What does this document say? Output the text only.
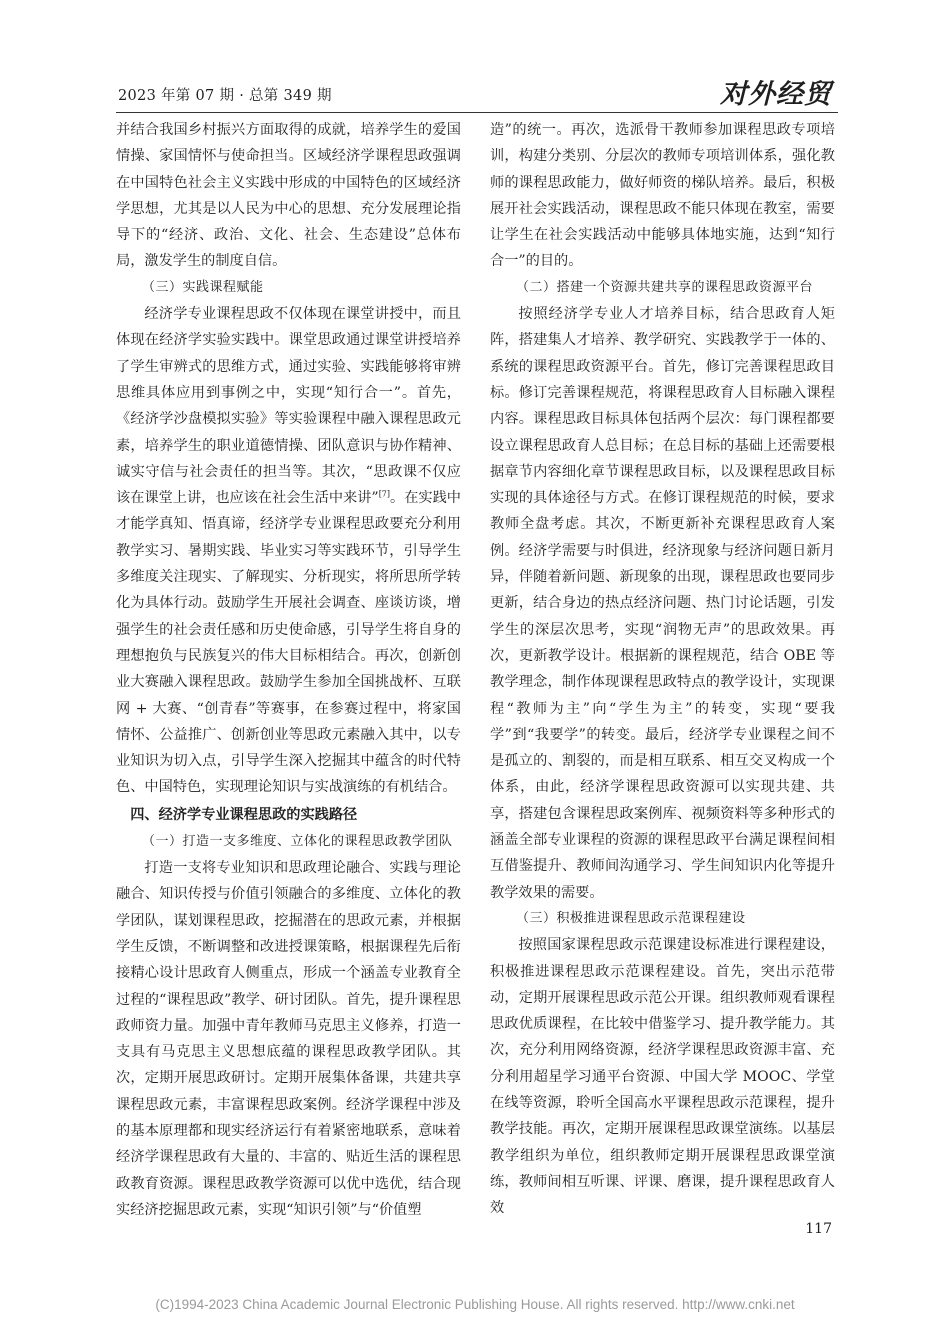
2023 年第 07 期 · 总第 349 期	对外经贸

并结合我国乡村振兴方面取得的成就，培养学生的爱国情操、家国情怀与使命担当。区域经济学课程思政强调在中国特色社会主义实践中形成的中国特色的区域经济学思想，尤其是以人民为中心的思想、充分发展理论指导下的“经济、政治、文化、社会、生态建设”总体布局，激发学生的制度自信。

（三）实践课程赋能

经济学专业课程思政不仅体现在课堂讲授中，而且体现在经济学实验实践中。课堂思政通过课堂讲授培养了学生审辨式的思维方式，通过实验、实践能够将审辨思维具体应用到事例之中，实现“知行合一”。首先，《经济学沙盘模拟实验》等实验课程中融入课程思政元素，培养学生的职业道德情操、团队意识与协作精神、诚实守信与社会责任的担当等。其次，“思政课不仅应该在课堂上讲，也应该在社会生活中来讲”[7]。在实践中才能学真知、悟真谛，经济学专业课程思政要充分利用教学实习、暑期实践、毕业实习等实践环节，引导学生多维度关注现实、了解现实、分析现实，将所思所学转化为具体行动。鼓励学生开展社会调查、座谈访谈，增强学生的社会责任感和历史使命感，引导学生将自身的理想抱负与民族复兴的伟大目标相结合。再次，创新创业大赛融入课程思政。鼓励学生参加全国挑战杯、互联网 + 大赛、“创青春”等赛事，在参赛过程中，将家国情怀、公益推广、创新创业等思政元素融入其中，以专业知识为切入点，引导学生深入挖掘其中蕴含的时代特色、中国特色，实现理论知识与实战演练的有机结合。

四、经济学专业课程思政的实践路径

（一）打造一支多维度、立体化的课程思政教学团队

打造一支将专业知识和思政理论融合、实践与理论融合、知识传授与价值引领融合的多维度、立体化的教学团队，谋划课程思政，挖掘潜在的思政元素，并根据学生反馈，不断调整和改进授课策略，根据课程先后衔接精心设计思政育人侧重点，形成一个涵盖专业教育全过程的“课程思政”教学、研讨团队。首先，提升课程思政师资力量。加强中青年教师马克思主义修养，打造一支具有马克思主义思想底蕴的课程思政教学团队。其次，定期开展思政研讨。定期开展集体备课，共建共享课程思政元素，丰富课程思政案例。经济学课程中涉及的基本原理都和现实经济运行有着紧密地联系，意味着经济学课程思政有大量的、丰富的、贴近生活的课程思政教育资源。课程思政教学资源可以优中选优，结合现实经济挖掘思政元素，实现“知识引领”与“价值塑

造”的统一。再次，选派骨干教师参加课程思政专项培训，构建分类别、分层次的教师专项培训体系，强化教师的课程思政能力，做好师资的梯队培养。最后，积极展开社会实践活动，课程思政不能只体现在教室，需要让学生在社会实践活动中能够具体地实施，达到“知行合一”的目的。

（二）搭建一个资源共建共享的课程思政资源平台

按照经济学专业人才培养目标，结合思政育人矩阵，搭建集人才培养、教学研究、实践教学于一体的、系统的课程思政资源平台。首先，修订完善课程思政目标。修订完善课程规范，将课程思政育人目标融入课程内容。课程思政目标具体包括两个层次：每门课程都要设立课程思政育人总目标；在总目标的基础上还需要根据章节内容细化章节课程思政目标，以及课程思政目标实现的具体途径与方式。在修订课程规范的时候，要求教师全盘考虑。其次，不断更新补充课程思政育人案例。经济学需要与时俱进，经济现象与经济问题日新月异，伴随着新问题、新现象的出现，课程思政也要同步更新，结合身边的热点经济问题、热门讨论话题，引发学生的深层次思考，实现“润物无声”的思政效果。再次，更新教学设计。根据新的课程规范，结合 OBE 等教学理念，制作体现课程思政特点的教学设计，实现课程“教师为主”向“学生为主”的转变，实现“要我学”到“我要学”的转变。最后，经济学专业课程之间不是孤立的、割裂的，而是相互联系、相互交叉构成一个体系，由此，经济学课程思政资源可以实现共建、共享，搭建包含课程思政案例库、视频资料等多种形式的涵盖全部专业课程的资源的课程思政平台满足课程间相互借鉴提升、教师间沟通学习、学生间知识内化等提升教学效果的需要。

（三）积极推进课程思政示范课程建设

按照国家课程思政示范课建设标准进行课程建设，积极推进课程思政示范课程建设。首先，突出示范带动，定期开展课程思政示范公开课。组织教师观看课程思政优质课程，在比较中借鉴学习、提升教学能力。其次，充分利用网络资源，经济学课程思政资源丰富、充分利用超星学习通平台资源、中国大学 MOOC、学堂在线等资源，聆听全国高水平课程思政示范课程，提升教学技能。再次，定期开展课程思政课堂演练。以基层教学组织为单位，组织教师定期开展课程思政课堂演练，教师间相互听课、评课、磨课，提升课程思政育人效

117
(C)1994-2023 China Academic Journal Electronic Publishing House. All rights reserved. http://www.cnki.net
